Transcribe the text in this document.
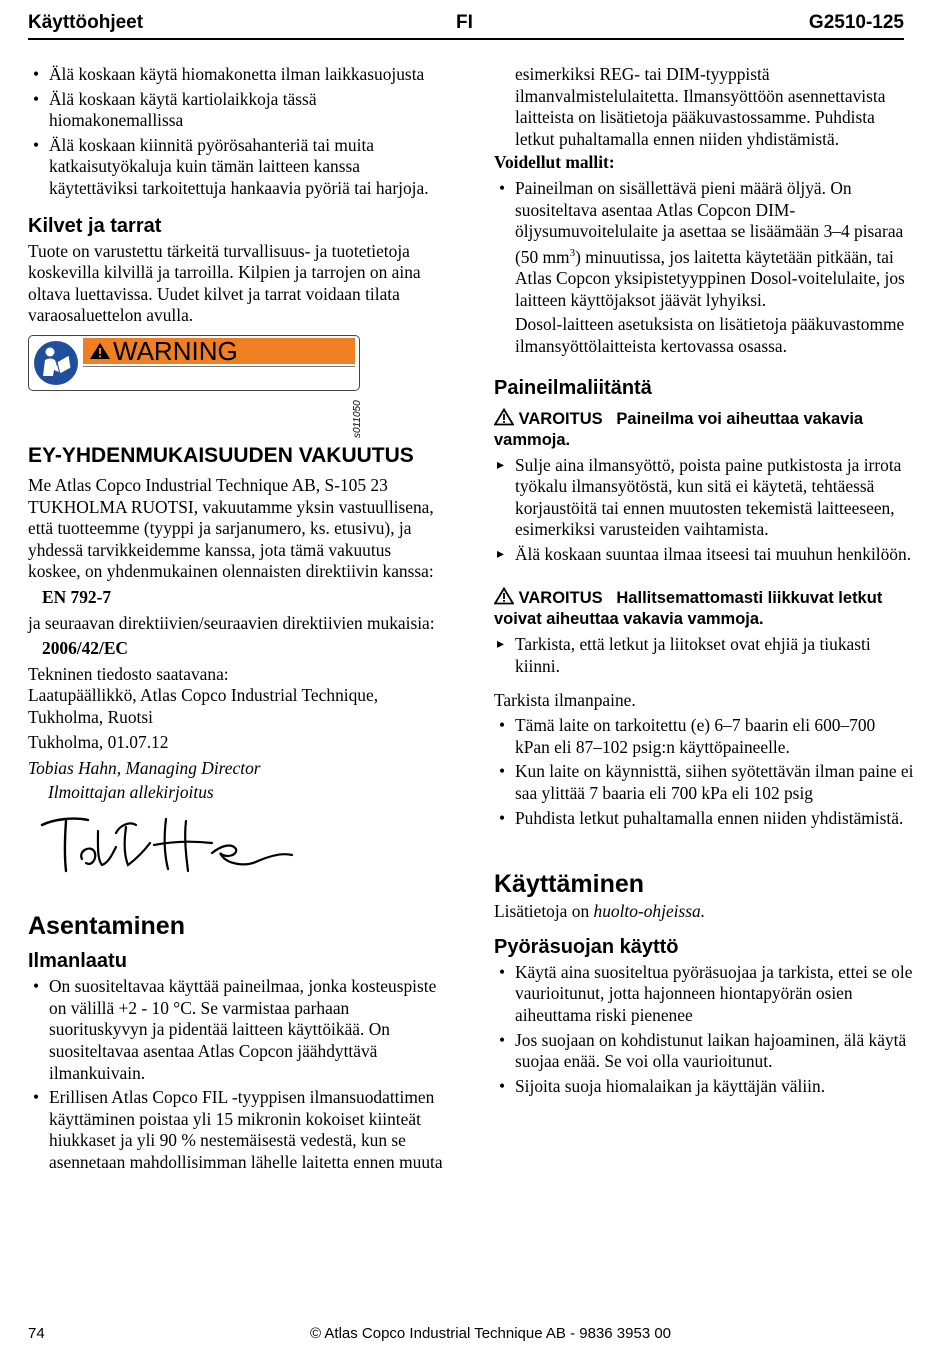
Käyttöohjeet	FI	G2510-125
• Älä koskaan käytä hiomakonetta ilman laikkasuojusta
• Älä koskaan käytä kartiolaikkoja tässä hiomakonemallissa
• Älä koskaan kiinnitä pyörösahanteriä tai muita katkaisutyökaluja kuin tämän laitteen kanssa käytettäviksi tarkoitettuja hankaavia pyöriä tai harjoja.
Kilvet ja tarrat

Tuote on varustettu tärkeitä turvallisuus- ja tuotetietoja koskevilla kilvillä ja tarroilla. Kilpien ja tarrojen on aina oltava luettavissa. Uudet kilvet ja tarrat voidaan tilata varaosaluettelon avulla.

WARNING
EY-YHDENMUKAISUUDEN VAKUUTUS

Me Atlas Copco Industrial Technique AB, S-105 23 TUKHOLMA RUOTSI, vakuutamme yksin vastuullisena, että tuotteemme (tyyppi ja sarjanumero, ks. etusivu), ja yhdessä tarvikkeidemme kanssa, jota tämä vakuutus koskee, on yhdenmukainen olennaisten direktiivin kanssa:

EN 792-7

ja seuraavan direktiivien/seuraavien direktiivien mukaisia:

2006/42/EC

Tekninen tiedosto saatavana:

Laatupäällikkö, Atlas Copco Industrial Technique, Tukholma, Ruotsi

Tukholma, 01.07.12

Tobias Hahn, Managing Director

Ilmoittajan allekirjoitus

Asentaminen
Ilmanlaatu
• On suositeltavaa käyttää paineilmaa, jonka kosteuspiste on välillä +2 - 10 °C. Se varmistaa parhaan suorituskyvyn ja pidentää laitteen käyttöikää. On suositeltavaa asentaa Atlas Copcon jäähdyttävä ilmankuivain.
• Erillisen Atlas Copco FIL -tyyppisen ilmansuodattimen käyttäminen poistaa yli 15 mikronin kokoiset kiinteät hiukkaset ja yli 90 % nestemäisestä vedestä, kun se asennetaan mahdollisimman lähelle laitetta ennen muuta
s011050

esimerkiksi REG- tai DIM-tyyppistä ilmanvalmistelulaitetta. Ilmansyöttöön asennettavista laitteista on lisätietoja pääkuvastossamme. Puhdista letkut puhaltamalla ennen niiden yhdistämistä.

Voidellut mallit:

• Paineilman on sisällettävä pieni määrä öljyä. On suositeltava asentaa Atlas Copcon DIM-öljysumuvoitelulaite ja asettaa se lisäämään 3–4 pisaraa (50 $mm^3$) minuutissa, jos laitetta käytetään pitkään, tai Atlas Copcon yksipistetyyppinen Dosol-voitelulaite, jos laitteen käyttöjaksot jäävät lyhyiksi.

Dosol-laitteen asetuksista on lisätietoja pääkuvastomme ilmansyöttölaitteista kertovassa osassa.

Paineilmaliitäntä
VAROITUS Paineilma voi aiheuttaa vakavia vammoja.
▸ Sulje aina ilmansyöttö, poista paine putkistosta ja irrota työkalu ilmansyötöstä, kun sitä ei käytetä, tehtäessä korjaustöitä tai ennen muutosten tekemistä laitteeseen, esimerkiksi varusteiden vaihtamista.
▸ Älä koskaan suuntaa ilmaa itseesi tai muuhun henkilöön.
VAROITUS Hallitsemattomasti liikkuvat letkut voivat aiheuttaa vakavia vammoja.
▸ Tarkista, että letkut ja liitokset ovat ehjiä ja tiukasti kiinni.

Tarkista ilmanpaine.

• Tämä laite on tarkoitettu (e) 6–7 baarin eli 600–700 kPan eli 87–102 psig:n käyttöpaineelle.
• Kun laite on käynnisttä, siihen syötettävän ilman paine ei saa ylittää 7 baaria eli 700 kPa eli 102 psig
• Puhdista letkut puhaltamalla ennen niiden yhdistämistä.
Käyttäminen

Lisätietoja on huolto-ohjeissa.

Pyöräsuojan käyttö
• Käytä aina suositeltua pyöräsuojaa ja tarkista, ettei se ole vaurioitunut, jotta hajonneen hiontapyörän osien aiheuttama riski pienenee
• Jos suojaan on kohdistunut laikan hajoaminen, älä käytä suojaa enää. Se voi olla vaurioitunut.
• Sijoita suoja hiomalaikan ja käyttäjän väliin.
74	© Atlas Copco Industrial Technique AB - 9836 3953 00
